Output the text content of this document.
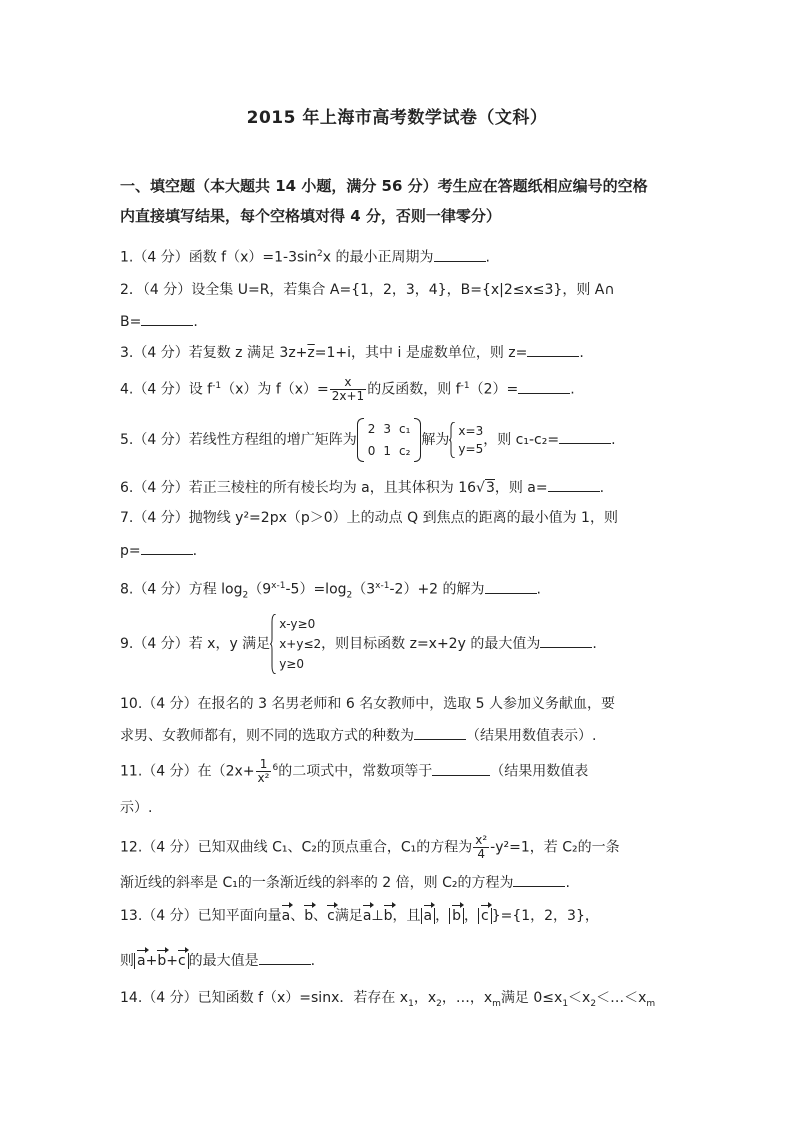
2015 年上海市高考数学试卷（文科）
一、填空题（本大题共 14 小题，满分 56 分）考生应在答题纸相应编号的空格
内直接填写结果，每个空格填对得 4 分，否则一律零分）
1.（4 分）函数 $f(x)=1-3\sin^2x$ 的最小正周期为	.
2．（4 分）设全集 U=R，若集合 A={1，2，3，4}，B={x|2≤x≤3}，则 A∩
B=	.
3.（4 分）若复数 z 满足 $3z+\overline{z}=1+i$，其中 i 是虚数单位，则 z=	.
4.（4 分）设 $f^{-1}(x)$为 $f(x)= \frac{x}{2x+1}$ 的反函数，则 $f^{-1}(2)=$	.
5.（4 分）若线性方程组的增广矩阵为
2	3	c₁
0	1	c₂
解为
x=3
y=5
，则 c₁-c₂=	.
6.（4 分）若正三棱柱的所有棱长均为 a，且其体积为 16√3，则 a=	.
7.（4 分）抛物线 y²=2px（p＞0）上的动点 Q 到焦点的距离的最小值为 1，则
p=	.
8.（4 分）方程 $\log_2(9^{x-1}-5)=\log_2(3^{x-1}-2)+2$ 的解为	.
9.（4 分）若 x，y 满足
x-y≥0
x+y≤2
y≥0
，则目标函数 z=x+2y 的最大值为	.
10.（4 分）在报名的 3 名男老师和 6 名女教师中，选取 5 人参加义务献血，要
求男、女教师都有，则不同的选取方式的种数为	（结果用数值表示）.
11.（4 分）在（$2x+ \frac{1}{\text{x²}} ^6$的二项式中，常数项等于	（结果用数值表
示）.
12.（4 分）已知双曲线 C₁、C₂的顶点重合，C₁的方程为 $\frac{\text{x²}}{4} -y^2=1$，若 C₂的一条
渐近线的斜率是 C₁的一条渐近线的斜率的 2 倍，则 C₂的方程为	.
13.（4 分）已知平面向量a、b、c满足a⊥b，且 a ， b ， c }={1，2，3}，
则 a+b+c 的最大值是	.
14.（4 分）已知函数 f（x）=sinx．若存在 $x_1$，$x_2$，…，$x_m$满足 $0\le x_1<x_2<\dots<x_m$
